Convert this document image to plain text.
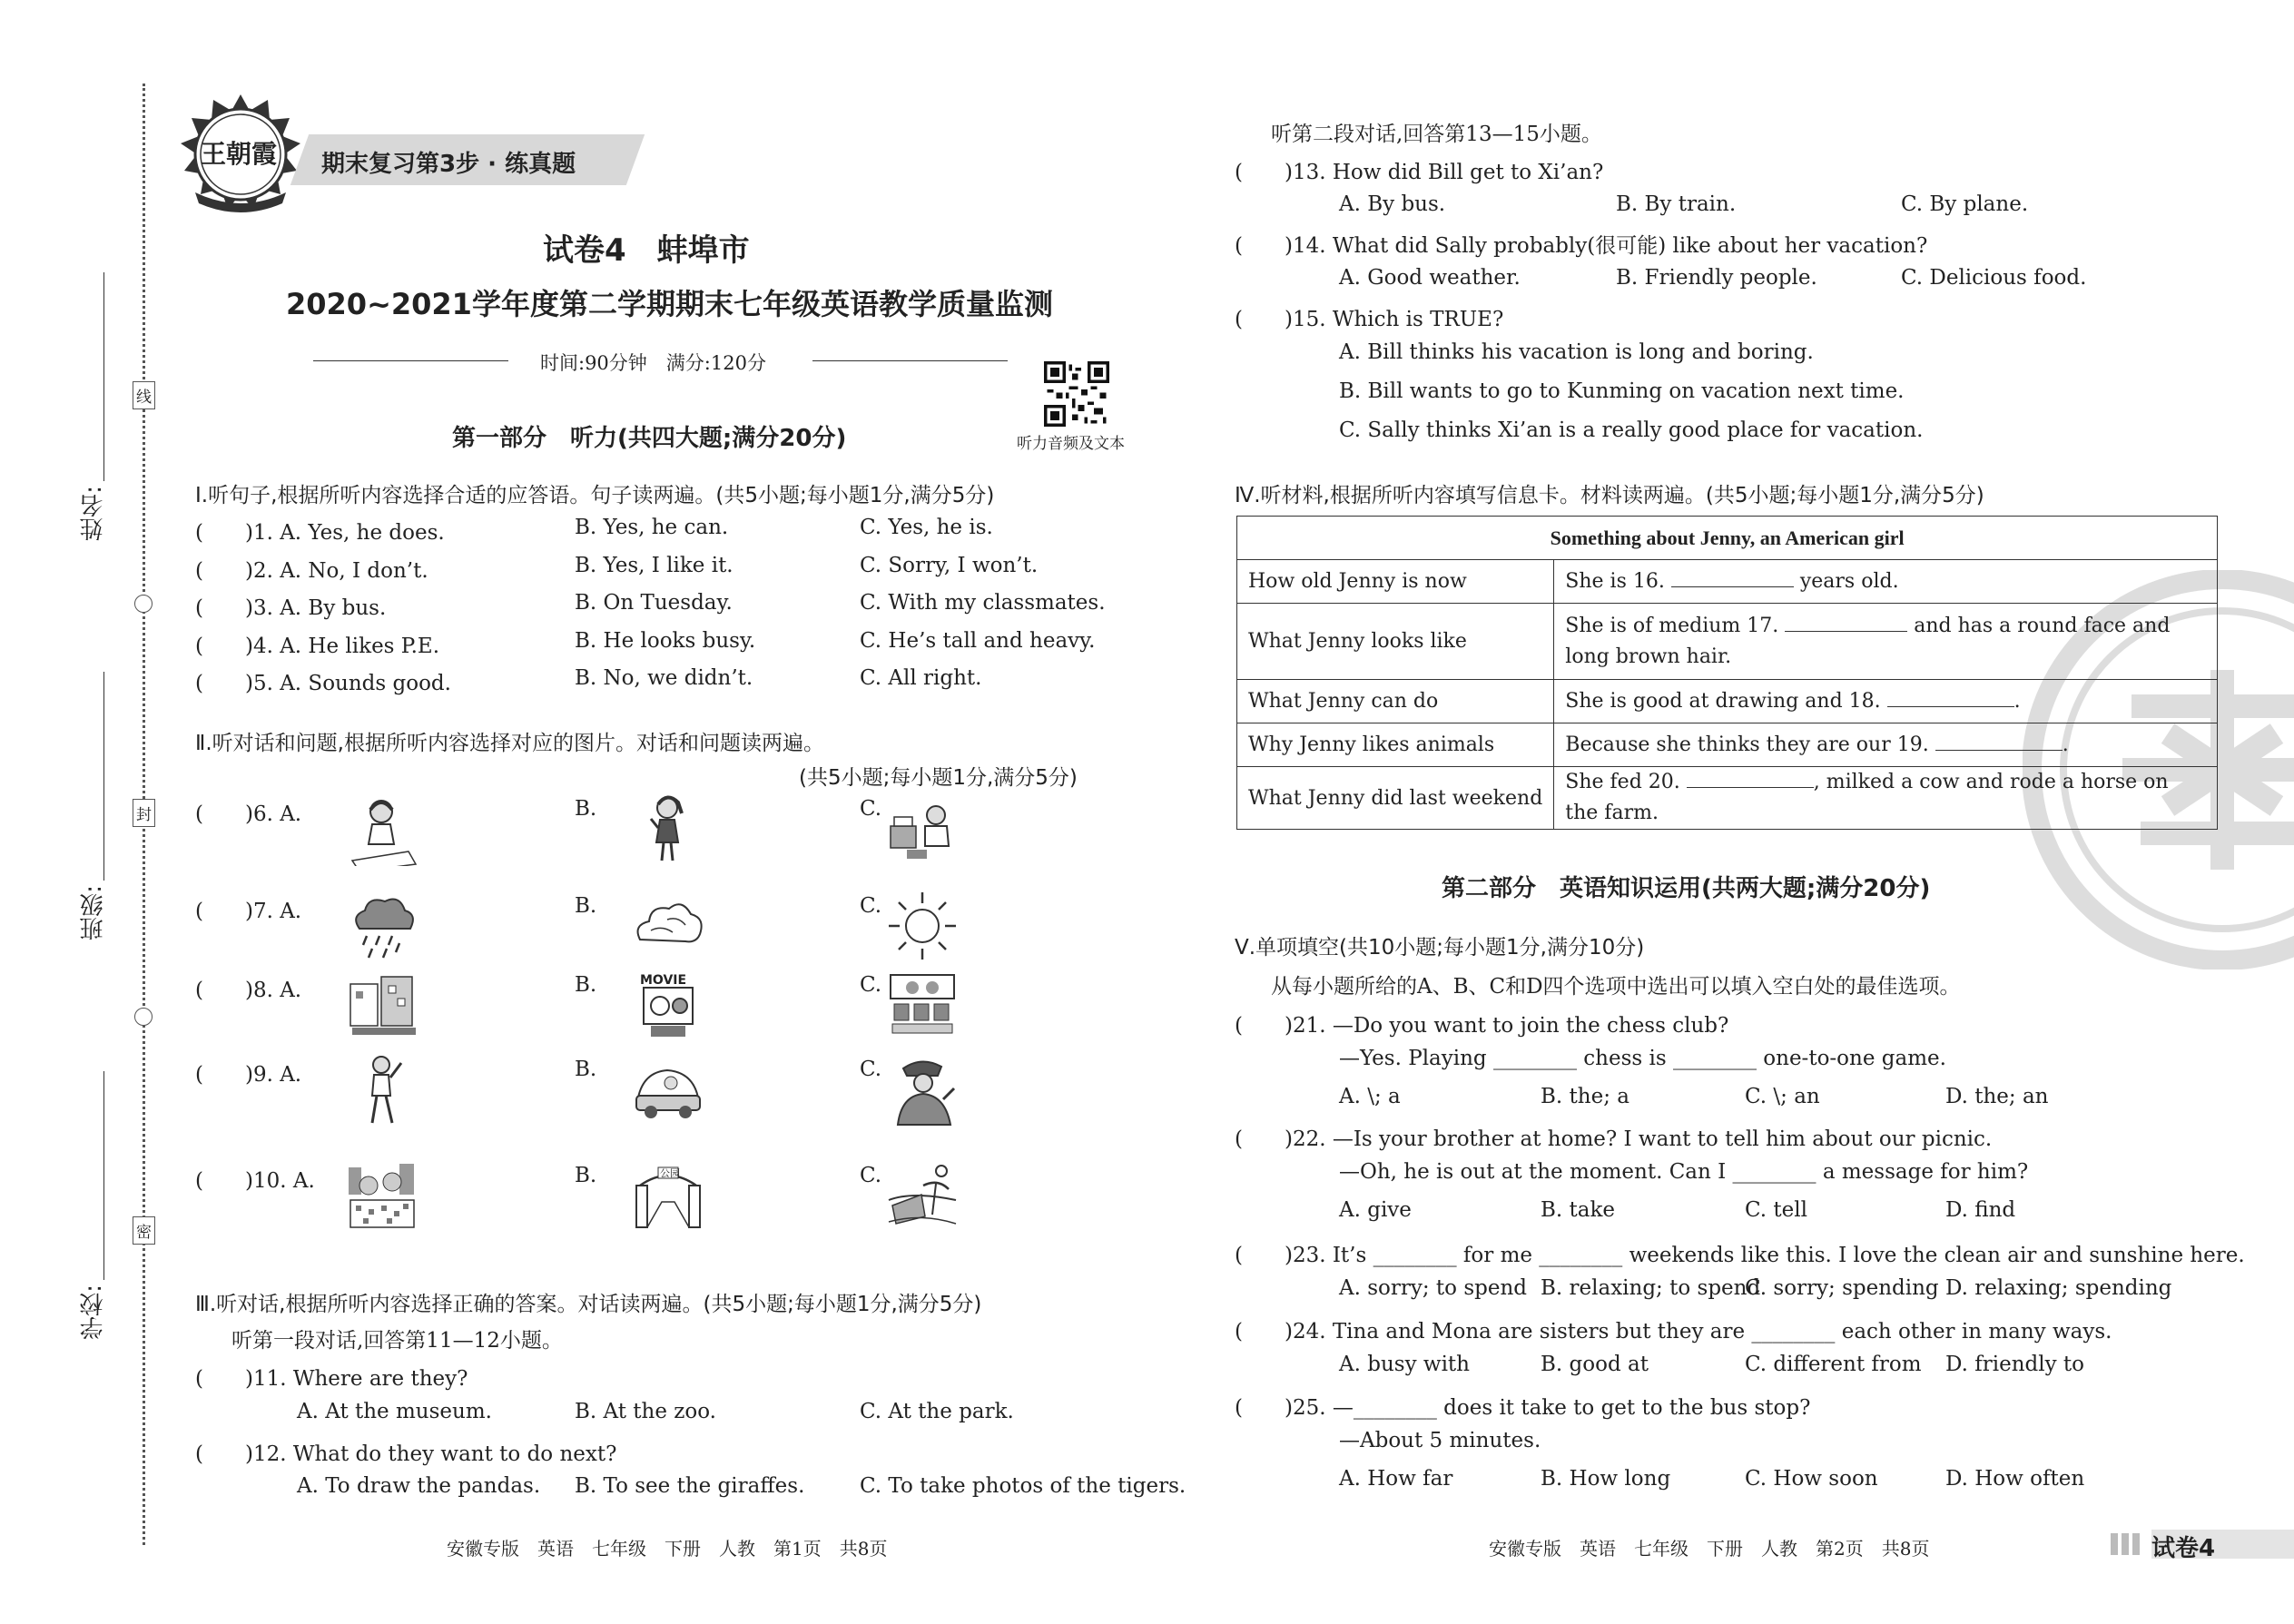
线
封
密
姓名:
班级:
学校:
王朝霞 期末复习第3步 · 练真题
试卷4　蚌埠市
2020~2021学年度第二学期期末七年级英语教学质量监测
时间:90分钟　满分:120分
听力音频及文本
第一部分　听力(共四大题;满分20分)
Ⅰ.听句子,根据所听内容选择合适的应答语。句子读两遍。(共5小题;每小题1分,满分5分)
(　　)1. A. Yes, he does.	B. Yes, he can.	C. Yes, he is.
(　　)2. A. No, I don’t.	B. Yes, I like it.	C. Sorry, I won’t.
(　　)3. A. By bus.	B. On Tuesday.	C. With my classmates.
(　　)4. A. He likes P.E.	B. He looks busy.	C. He’s tall and heavy.
(　　)5. A. Sounds good.	B. No, we didn’t.	C. All right.
Ⅱ.听对话和问题,根据所听内容选择对应的图片。对话和问题读两遍。
(共5小题;每小题1分,满分5分)
(　　)6. A.	B.	C.
(　　)7. A.	B.	C.
(　　)8. A.	B.	C.
(　　)9. A.	B.	C.
(　　)10. A.	B.	C.
MOVIE
公园
Ⅲ.听对话,根据所听内容选择正确的答案。对话读两遍。(共5小题;每小题1分,满分5分)
听第一段对话,回答第11—12小题。
(　　)11. Where are they?
A. At the museum.	B. At the zoo.	C. At the park.
(　　)12. What do they want to do next?
A. To draw the pandas. B. To see the giraffes.	C. To take photos of the tigers.
安徽专版　英语　七年级　下册　人教　第1页　共8页
听第二段对话,回答第13—15小题。
(　　)13. How did Bill get to Xi’an?
A. By bus.	B. By train.	C. By plane.
(　　)14. What did Sally probably(很可能) like about her vacation?
A. Good weather.	B. Friendly people.	C. Delicious food.
(　　)15. Which is TRUE?
A. Bill thinks his vacation is long and boring.
B. Bill wants to go to Kunming on vacation next time.
C. Sally thinks Xi’an is a really good place for vacation.
Ⅳ.听材料,根据所听内容填写信息卡。材料读两遍。(共5小题;每小题1分,满分5分)
Something about Jenny, an American girl	
How old Jenny is now	She is 16. years old.
What Jenny looks like	She is of medium 17. and has a round face and long brown hair.
What Jenny can do	She is good at drawing and 18. .
Why Jenny likes animals	Because she thinks they are our 19. .
What Jenny did last weekend	She fed 20. , milked a cow and rode a horse on the farm.
第二部分　英语知识运用(共两大题;满分20分)
Ⅴ.单项填空(共10小题;每小题1分,满分10分)
从每小题所给的A、B、C和D四个选项中选出可以填入空白处的最佳选项。
(　　)21. —Do you want to join the chess club?
—Yes. Playing ________ chess is ________ one-to-one game.
A. \; a	B. the; a	C. \; an	D. the; an
(　　)22. —Is your brother at home? I want to tell him about our picnic.
—Oh, he is out at the moment. Can I ________ a message for him?
A. give	B. take	C. tell	D. find
(　　)23. It’s ________ for me ________ weekends like this. I love the clean air and sunshine here.
A. sorry; to spend B. relaxing; to spend
C. sorry; spending D. relaxing; spending
(　　)24. Tina and Mona are sisters but they are ________ each other in many ways.
A. busy with	B. good at	C. different from D. friendly to
(　　)25. —________ does it take to get to the bus stop?
—About 5 minutes.
A. How far	B. How long	C. How soon	D. How often
安徽专版　英语　七年级　下册　人教　第2页　共8页	试卷4
